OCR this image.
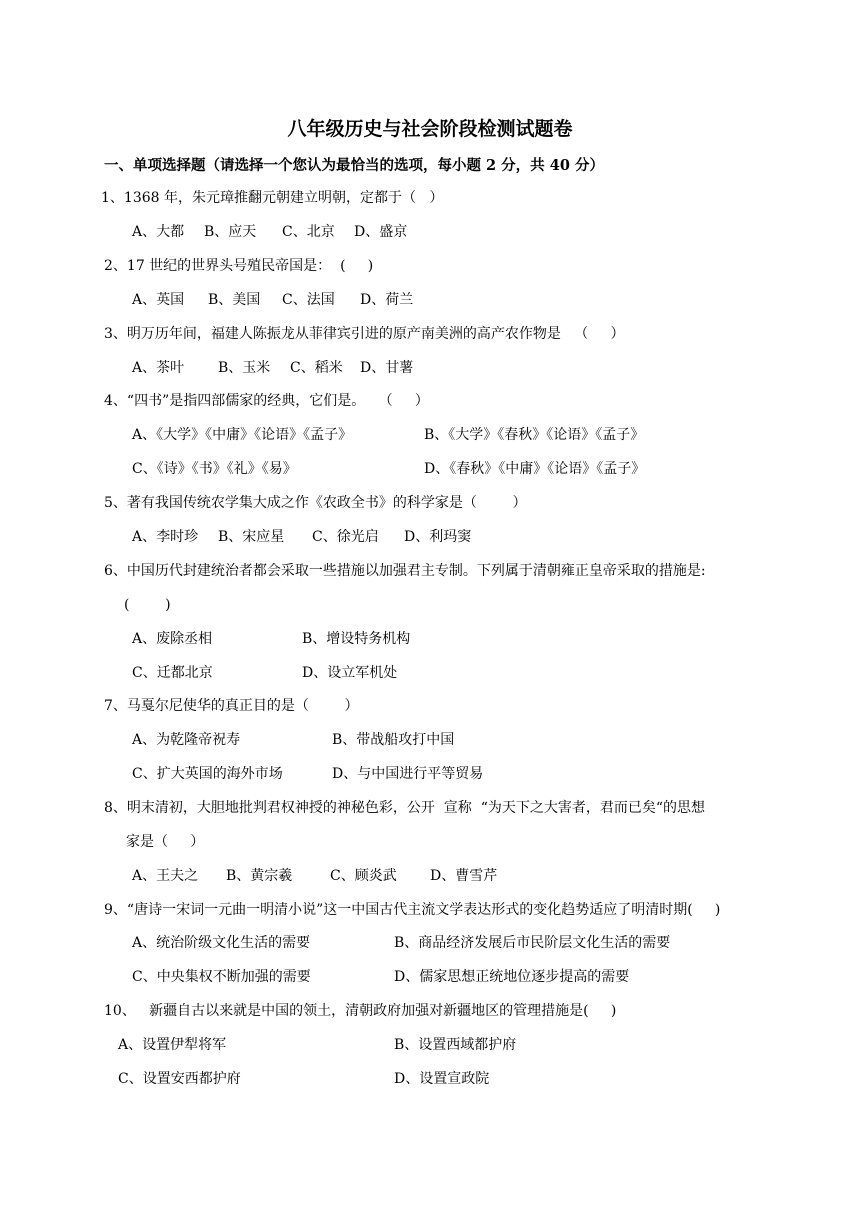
八年级历史与社会阶段检测试题卷
一、单项选择题（请选择一个您认为最恰当的选项，每小题 2 分，共 40 分）
1、1368 年，朱元璋推翻元朝建立明朝，定都于（   ）
A、大都 B、应天 C、北京 D、盛京
2、17 世纪的世界头号殖民帝国是：  (     )
A、英国 B、美国 C、法国 D、荷兰
3、明万历年间，福建人陈振龙从菲律宾引进的原产南美洲的高产农作物是   （     ）
A、茶叶 B、玉米 C、稻米 D、甘薯
4、“四书”是指四部儒家的经典，它们是。   （     ）
A、《大学》《中庸》《论语》《孟子》	B、《大学》《春秋》《论语》《孟子》
C、《诗》《书》《礼》《易》	D、《春秋》《中庸》《论语》《孟子》
5、著有我国传统农学集大成之作《农政全书》的科学家是（        ）
A、李时珍 B、宋应星 C、徐光启 D、利玛窦
6、中国历代封建统治者都会采取一些措施以加强君主专制。下列属于清朝雍正皇帝采取的措施是:
(        )
A、废除丞相	B、增设特务机构
C、迁都北京	D、设立军机处
7、马戛尔尼使华的真正目的是（        ）
A、为乾隆帝祝寿	B、带战船攻打中国
C、扩大英国的海外市场	D、与中国进行平等贸易
8、明末清初，大胆地批判君权神授的神秘色彩，公开  宣称  “为天下之大害者，君而已矣“的思想
家是（     ）
A、王夫之 B、黄宗羲	C、顾炎武 D、曹雪芹
9、“唐诗一宋词一元曲一明清小说”这一中国古代主流文学表达形式的变化趋势适应了明清时期(     )
A、统治阶级文化生活的需要	B、商品经济发展后市民阶层文化生活的需要
C、中央集权不断加强的需要	D、儒家思想正统地位逐步提高的需要
10、   新疆自古以来就是中国的领土，清朝政府加强对新疆地区的管理措施是(     )
A、设置伊犁将军	B、设置西域都护府
C、设置安西都护府	D、设置宣政院
